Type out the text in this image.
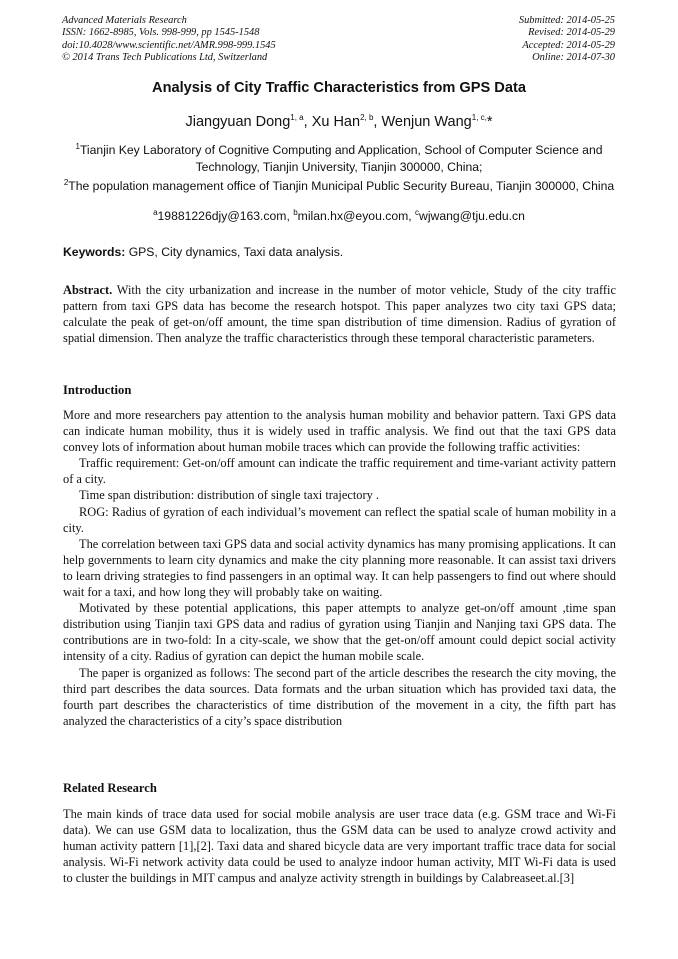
Advanced Materials Research
ISSN: 1662-8985, Vols. 998-999, pp 1545-1548
doi:10.4028/www.scientific.net/AMR.998-999.1545
© 2014 Trans Tech Publications Ltd, Switzerland
Submitted: 2014-05-25
Revised: 2014-05-29
Accepted: 2014-05-29
Online: 2014-07-30
Analysis of City Traffic Characteristics from GPS Data
Jiangyuan Dong$^{1, a}$, Xu Han$^{2, b}$, Wenjun Wang$^{1, c,}$*
$^1$Tianjin Key Laboratory of Cognitive Computing and Application, School of Computer Science and Technology, Tianjin University, Tianjin 300000, China;
$^2$The population management office of Tianjin Municipal Public Security Bureau, Tianjin 300000, China
$^a$19881226djy@163.com, $^b$milan.hx@eyou.com, $^c$wjwang@tju.edu.cn
Keywords: GPS, City dynamics, Taxi data analysis.

Abstract. With the city urbanization and increase in the number of motor vehicle, Study of the city traffic pattern from taxi GPS data has become the research hotspot. This paper analyzes two city taxi GPS data; calculate the peak of get-on/off amount, the time span distribution of time dimension. Radius of gyration of spatial dimension. Then analyze the traffic characteristics through these temporal characteristic parameters.

Introduction

More and more researchers pay attention to the analysis human mobility and behavior pattern. Taxi GPS data can indicate human mobility, thus it is widely used in traffic analysis. We find out that the taxi GPS data convey lots of information about human mobile traces which can provide the following traffic activities:

Traffic requirement: Get-on/off amount can indicate the traffic requirement and time-variant activity pattern of a city.

Time span distribution: distribution of single taxi trajectory .

ROG: Radius of gyration of each individual’s movement can reflect the spatial scale of human mobility in a city.

The correlation between taxi GPS data and social activity dynamics has many promising applications. It can help governments to learn city dynamics and make the city planning more reasonable. It can assist taxi drivers to learn driving strategies to find passengers in an optimal way. It can help passengers to find out where should wait for a taxi, and how long they will probably take on waiting.

Motivated by these potential applications, this paper attempts to analyze get-on/off amount ,time span distribution using Tianjin taxi GPS data and radius of gyration using Tianjin and Nanjing taxi GPS data. The contributions are in two-fold: In a city-scale, we show that the get-on/off amount could depict social activity intensity of a city. Radius of gyration can depict the human mobile scale.

The paper is organized as follows: The second part of the article describes the research the city moving, the third part describes the data sources. Data formats and the urban situation which has provided taxi data, the fourth part describes the characteristics of time distribution of the movement in a city, the fifth part has analyzed the characteristics of a city’s space distribution

Related Research

The main kinds of trace data used for social mobile analysis are user trace data (e.g. GSM trace and Wi-Fi data). We can use GSM data to localization, thus the GSM data can be used to analyze crowd activity and human activity pattern [1],[2]. Taxi data and shared bicycle data are very important traffic trace data for social analysis. Wi-Fi network activity data could be used to analyze indoor human activity, MIT Wi-Fi data is used to cluster the buildings in MIT campus and analyze activity strength in buildings by Calabreaseet.al.[3]
